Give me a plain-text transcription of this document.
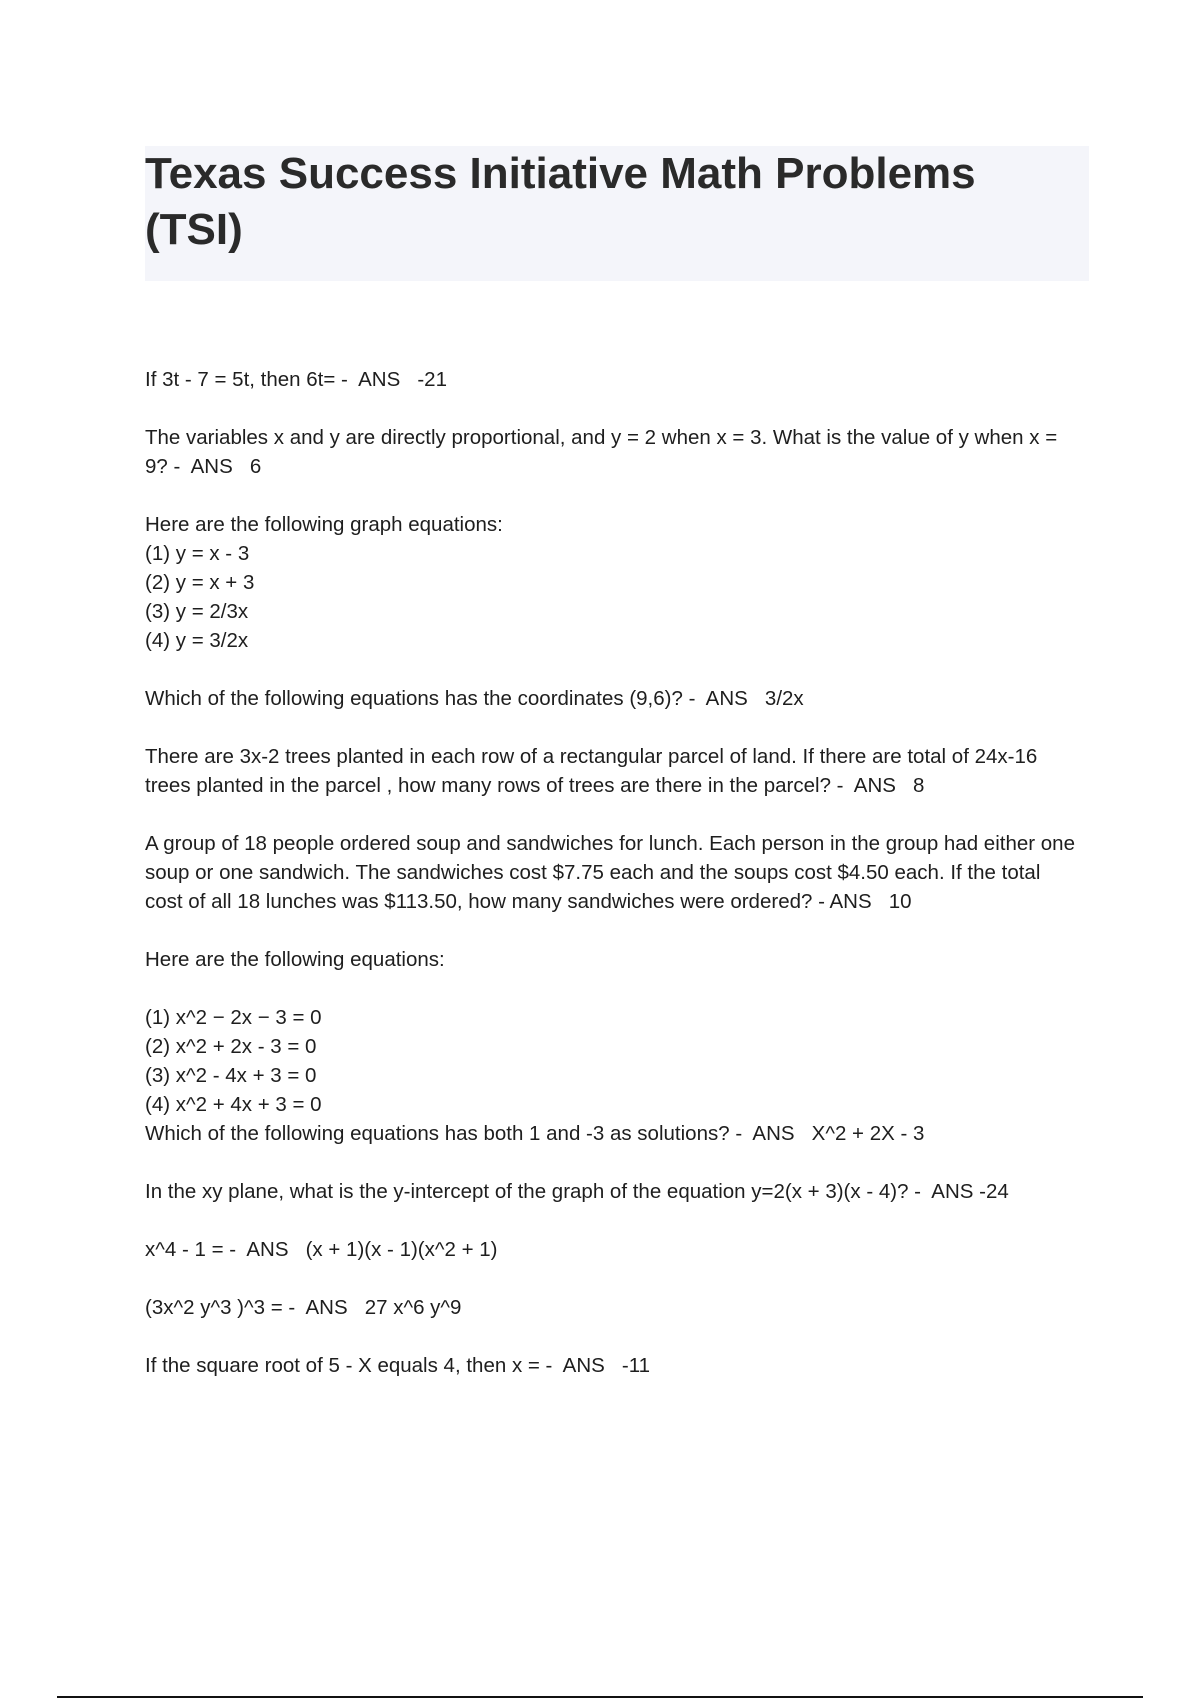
Texas Success Initiative Math Problems (TSI)
If 3t - 7 = 5t, then 6t= - ANS -21
The variables x and y are directly proportional, and y = 2 when x = 3. What is the value of y when x = 9? - ANS 6
Here are the following graph equations:
(1) y = x - 3
(2) y = x + 3
(3) y = 2/3x
(4) y = 3/2x
Which of the following equations has the coordinates (9,6)? - ANS 3/2x
There are 3x-2 trees planted in each row of a rectangular parcel of land. If there are total of 24x-16 trees planted in the parcel , how many rows of trees are there in the parcel? - ANS 8
A group of 18 people ordered soup and sandwiches for lunch. Each person in the group had either one soup or one sandwich. The sandwiches cost $7.75 each and the soups cost $4.50 each. If the total cost of all 18 lunches was $113.50, how many sandwiches were ordered? - ANS 10
Here are the following equations:
(1) x^2 − 2x − 3 = 0
(2) x^2 + 2x - 3 = 0
(3) x^2 - 4x + 3 = 0
(4) x^2 + 4x + 3 = 0
Which of the following equations has both 1 and -3 as solutions? - ANS X^2 + 2X - 3
In the xy plane, what is the y-intercept of the graph of the equation y=2(x + 3)(x - 4)? - ANS -24
x^4 - 1 = - ANS (x + 1)(x - 1)(x^2 + 1)
(3x^2 y^3 )^3 = - ANS 27 x^6 y^9
If the square root of 5 - X equals 4, then x = - ANS -11
